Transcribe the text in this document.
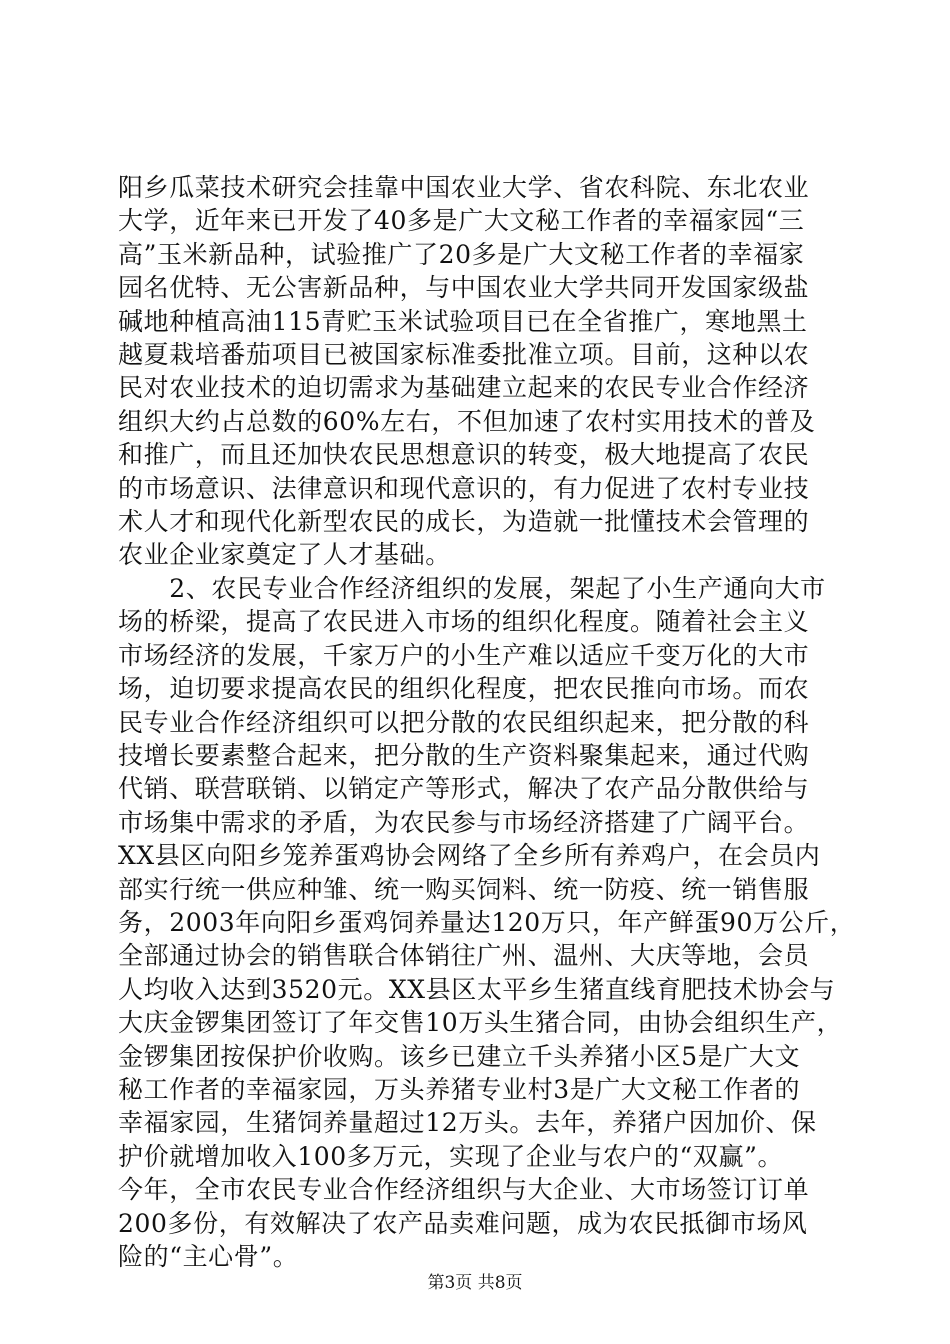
阳乡瓜菜技术研究会挂靠中国农业大学、省农科院、东北农业
大学，近年来已开发了40多是广大文秘工作者的幸福家园“三
高”玉米新品种，试验推广了20多是广大文秘工作者的幸福家
园名优特、无公害新品种，与中国农业大学共同开发国家级盐
碱地种植高油115青贮玉米试验项目已在全省推广，寒地黑土
越夏栽培番茄项目已被国家标准委批准立项。目前，这种以农
民对农业技术的迫切需求为基础建立起来的农民专业合作经济
组织大约占总数的60%左右，不但加速了农村实用技术的普及
和推广，而且还加快农民思想意识的转变，极大地提高了农民
的市场意识、法律意识和现代意识的，有力促进了农村专业技
术人才和现代化新型农民的成长，为造就一批懂技术会管理的
农业企业家奠定了人才基础。
　　2、农民专业合作经济组织的发展，架起了小生产通向大市
场的桥梁，提高了农民进入市场的组织化程度。随着社会主义
市场经济的发展，千家万户的小生产难以适应千变万化的大市
场，迫切要求提高农民的组织化程度，把农民推向市场。而农
民专业合作经济组织可以把分散的农民组织起来，把分散的科
技增长要素整合起来，把分散的生产资料聚集起来，通过代购
代销、联营联销、以销定产等形式，解决了农产品分散供给与
市场集中需求的矛盾，为农民参与市场经济搭建了广阔平台。
XX县区向阳乡笼养蛋鸡协会网络了全乡所有养鸡户，在会员内
部实行统一供应种雏、统一购买饲料、统一防疫、统一销售服
务，2003年向阳乡蛋鸡饲养量达120万只，年产鲜蛋90万公斤，
全部通过协会的销售联合体销往广州、温州、大庆等地，会员
人均收入达到3520元。XX县区太平乡生猪直线育肥技术协会与
大庆金锣集团签订了年交售10万头生猪合同，由协会组织生产，
金锣集团按保护价收购。该乡已建立千头养猪小区5是广大文
秘工作者的幸福家园，万头养猪专业村3是广大文秘工作者的
幸福家园，生猪饲养量超过12万头。去年，养猪户因加价、保
护价就增加收入100多万元，实现了企业与农户的“双赢”。
今年，全市农民专业合作经济组织与大企业、大市场签订订单
200多份，有效解决了农产品卖难问题，成为农民抵御市场风
险的“主心骨”。
第3页 共8页
